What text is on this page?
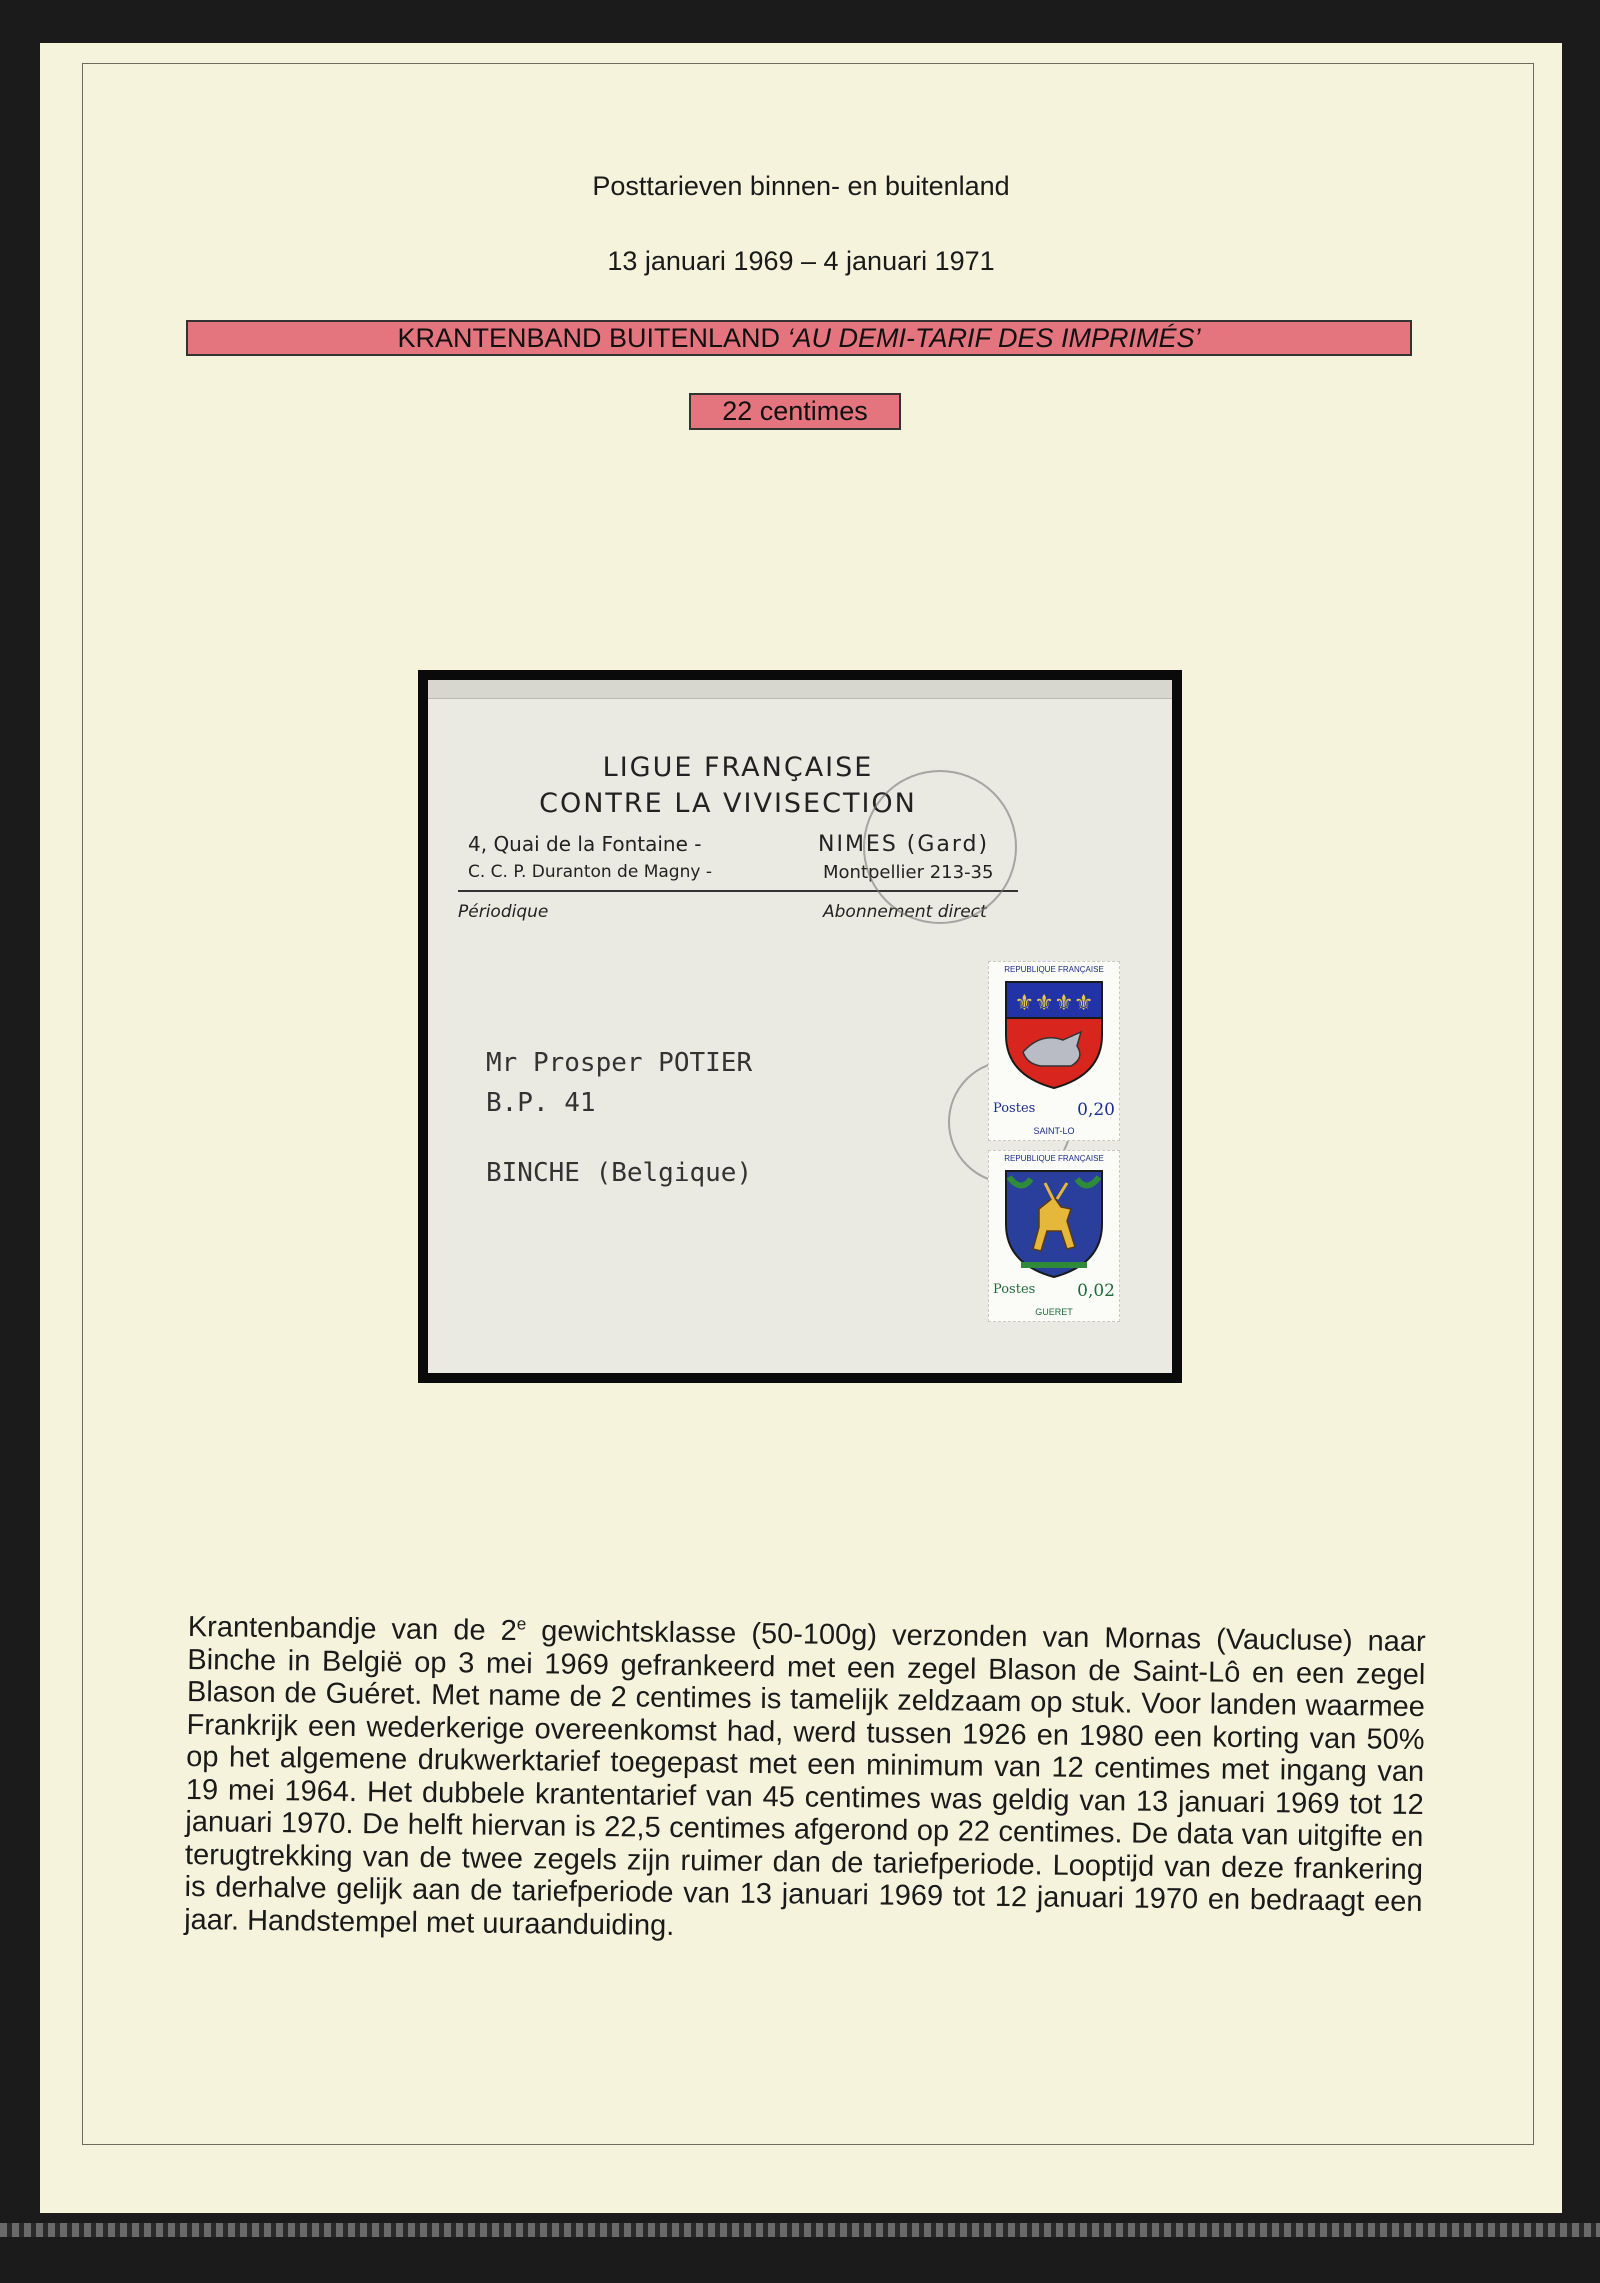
Posttarieven binnen- en buitenland
13 januari 1969 – 4 januari 1971
KRANTENBAND BUITENLAND ‘AU DEMI-TARIF DES IMPRIMÉS’
22 centimes
LIGUE FRANÇAISE
CONTRE LA VIVISECTION
4, Quai de la Fontaine -	NIMES (Gard)
C. C. P. Duranton de Magny -	Montpellier 213-35
Périodique	Abonnement direct
Mr Prosper POTIER
B.P. 41
BINCHE (Belgique)
REPUBLIQUE FRANÇAISE
⚜⚜⚜⚜
Postes 0,20
SAINT-LO
REPUBLIQUE FRANÇAISE
Postes 0,02
GUERET
Krantenbandje van de 2e gewichtsklasse (50-100g) verzonden van Mornas (Vaucluse) naar Binche in België op 3 mei 1969 gefrankeerd met een zegel Blason de Saint-Lô en een zegel Blason de Guéret. Met name de 2 centimes is tamelijk zeldzaam op stuk. Voor landen waarmee Frankrijk een wederkerige overeenkomst had, werd tussen 1926 en 1980 een korting van 50% op het algemene drukwerktarief toegepast met een minimum van 12 centimes met ingang van 19 mei 1964. Het dubbele krantentarief van 45 centimes was geldig van 13 januari 1969 tot 12 januari 1970. De helft hiervan is 22,5 centimes afgerond op 22 centimes. De data van uitgifte en terugtrekking van de twee zegels zijn ruimer dan de tariefperiode. Looptijd van deze frankering is derhalve gelijk aan de tariefperiode van 13 januari 1969 tot 12 januari 1970 en bedraagt een jaar. Handstempel met uuraanduiding.
